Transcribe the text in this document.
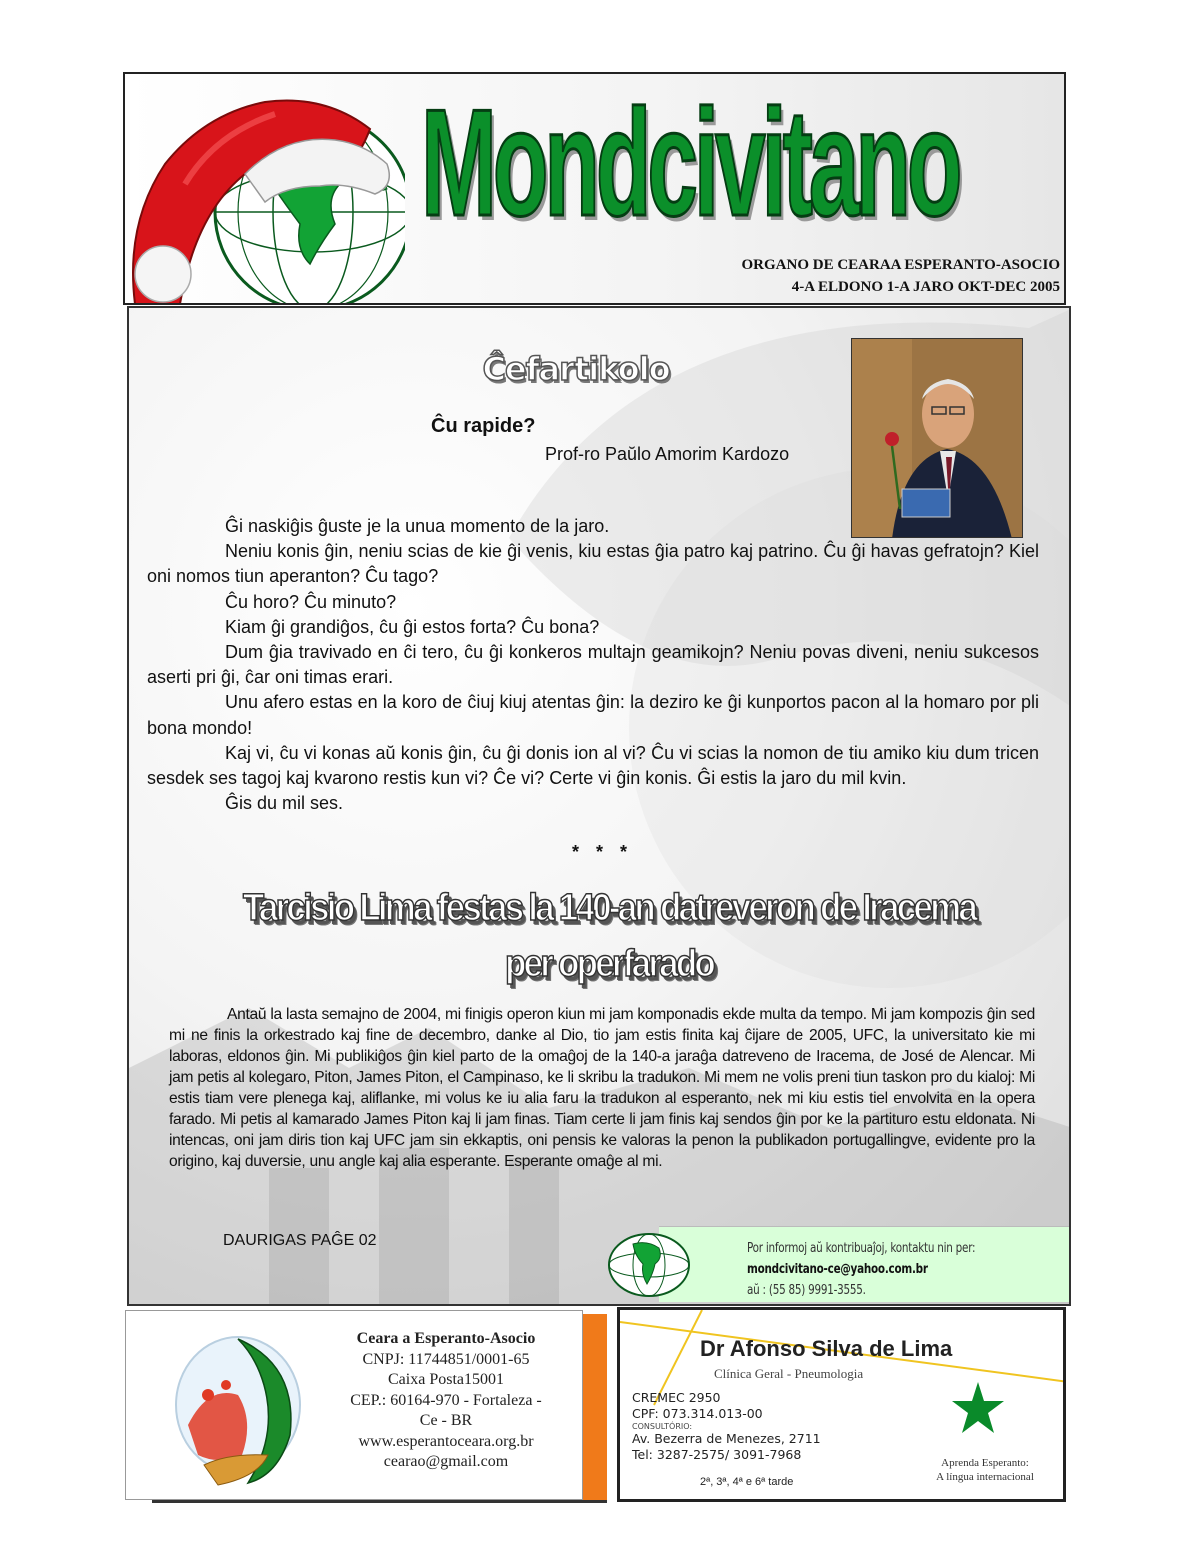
Mondcivitano
ORGANO DE CEARAA ESPERANTO-ASOCIO
4-A ELDONO 1-A JARO OKT-DEC 2005
Ĉefartikolo
Ĉu rapide?
Prof-ro Paŭlo Amorim Kardozo

Ĝi naskiĝis ĝuste je la unua momento de la jaro.

Neniu konis ĝin, neniu scias de kie ĝi venis, kiu estas ĝia patro kaj patrino. Ĉu ĝi havas gefratojn? Kiel oni nomos tiun aperanton? Ĉu tago?

Ĉu horo? Ĉu minuto?

Kiam ĝi grandiĝos, ĉu ĝi estos forta? Ĉu bona?

Dum ĝia travivado en ĉi tero, ĉu ĝi konkeros multajn geamikojn? Neniu povas diveni, neniu sukcesos aserti pri ĝi, ĉar oni timas erari.

Unu afero estas en la koro de ĉiuj kiuj atentas ĝin: la deziro ke ĝi kunportos pacon al la homaro por pli bona mondo!

Kaj vi, ĉu vi konas aŭ konis ĝin, ĉu ĝi donis ion al vi? Ĉu vi scias la nomon de tiu amiko kiu dum tricen sesdek ses tagoj kaj kvarono restis kun vi? Ĉe vi? Certe vi ĝin konis. Ĝi estis la jaro du mil kvin.

Ĝis du mil ses.

* * *
Tarcisio Lima festas la 140-an datreveron de Iracema
per operfarado

Antaŭ la lasta semajno de 2004, mi finigis operon kiun mi jam komponadis ekde multa da tempo. Mi jam kompozis ĝin sed mi ne finis la orkestrado kaj fine de decembro, danke al Dio, tio jam estis finita kaj ĉijare de 2005, UFC, la universitato kie mi laboras, eldonos ĝin. Mi publikiĝos ĝin kiel parto de la omaĝoj de la 140-a jaraĝa datreveno de Iracema, de José de Alencar. Mi jam petis al kolegaro, Piton, James Piton, el Campinaso, ke li skribu la tradukon. Mi mem ne volis preni tiun taskon pro du kialoj: Mi estis tiam vere plenega kaj, aliflanke, mi volus ke iu alia faru la tradukon al esperanto, nek mi kiu estis tiel envolvita en la opera farado. Mi petis al kamarado James Piton kaj li jam finas. Tiam certe li jam finis kaj sendos ĝin por ke la partituro estu eldonata. Ni intencas, oni jam diris tion kaj UFC jam sin ekkaptis, oni pensis ke valoras la penon la publikadon portugallingve, evidente pro la origino, kaj duversie, unu angle kaj alia esperante. Esperante omaĝe al mi.

DAURIGAS PAĜE 02	Por informoj aŭ kontribuaĵoj, kontaktu nin per:
mondcivitano-ce@yahoo.com.br
aŭ : (55 85) 9991-3555.
Ceara a Esperanto-Asocio
CNPJ: 11744851/0001-65
Caixa Posta15001
CEP.: 60164-970 - Fortaleza -
Ce - BR
www.esperantoceara.org.br
cearao@gmail.com
Dr Afonso Silva de Lima
Clínica Geral - Pneumologia
CREMEC 2950
CPF: 073.314.013-00
CONSULTÓRIO:
Av. Bezerra de Menezes, 2711
Tel: 3287-2575/ 3091-7968
2ª, 3ª, 4ª e 6ª tarde
Aprenda Esperanto:
A língua internacional
